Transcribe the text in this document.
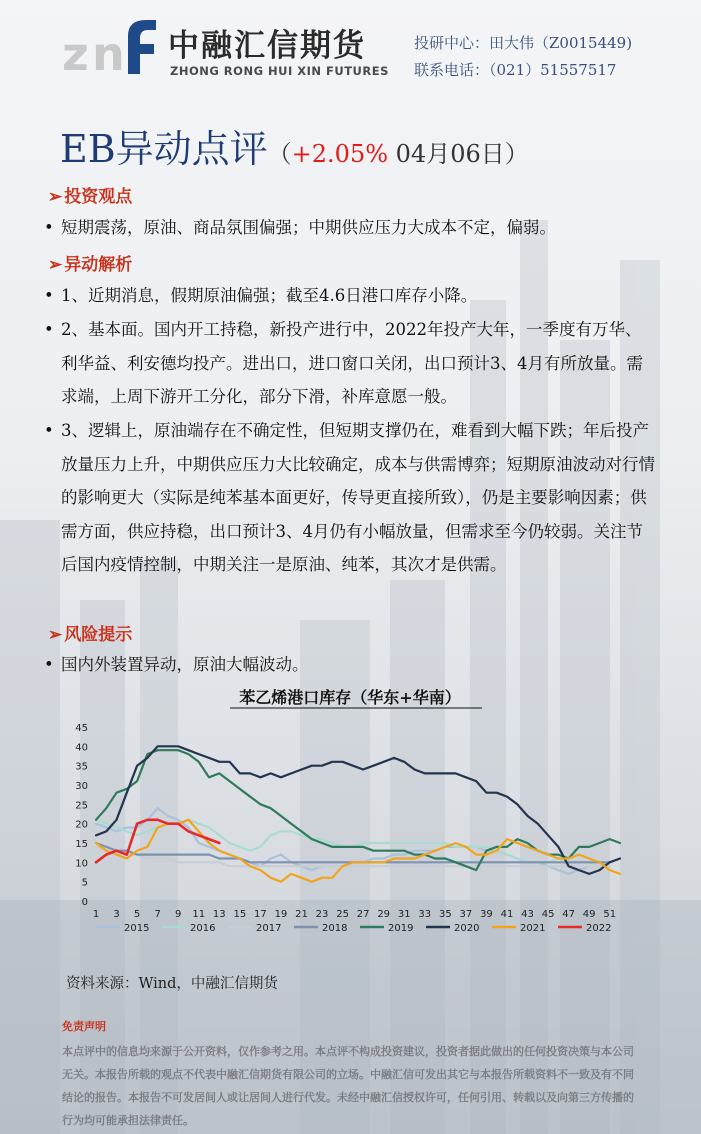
z n 中融汇信期货
ZHONG RONG HUI XIN FUTURES
投研中心：田大伟（Z0015449)
联系电话：（021）51557517
EB异动点评（+2.05% 04月06日）
➢ 投资观点
• 短期震荡，原油、商品氛围偏强；中期供应压力大成本不定，偏弱。
➢ 异动解析
• 1、近期消息，假期原油偏强；截至4.6日港口库存小降。
• 2、基本面。国内开工持稳，新投产进行中，2022年投产大年，一季度有万华、利华益、利安德均投产。进出口，进口窗口关闭，出口预计3、4月有所放量。需求端，上周下游开工分化，部分下滑，补库意愿一般。
• 3、逻辑上，原油端存在不确定性，但短期支撑仍在，难看到大幅下跌；年后投产放量压力上升，中期供应压力大比较确定，成本与供需博弈；短期原油波动对行情的影响更大（实际是纯苯基本面更好，传导更直接所致），仍是主要影响因素；供需方面，供应持稳，出口预计3、4月仍有小幅放量，但需求至今仍较弱。关注节后国内疫情控制，中期关注一是原油、纯苯，其次才是供需。
➢ 风险提示
• 国内外装置异动，原油大幅波动。
苯乙烯港口库存（华东+华南）
0
5
10
15
20
25
30
35
40
45
1 3 5 7 9 11 13 15 17 19 21 23 25 27 29 31 33 35 37 39 41 43 45 47 49 51
2015	2016	2017	2018	2019	2020	2021	2022
资料来源：Wind，中融汇信期货
免责声明
本点评中的信息均来源于公开资料，仅作参考之用。本点评不构成投资建议，投资者据此做出的任何投资决策与本公司无关。本报告所载的观点不代表中融汇信期货有限公司的立场。中融汇信可发出其它与本报告所载资料不一致及有不同结论的报告。本报告不可发居间人或让居间人进行代发。未经中融汇信授权许可，任何引用、转载以及向第三方传播的行为均可能承担法律责任。
